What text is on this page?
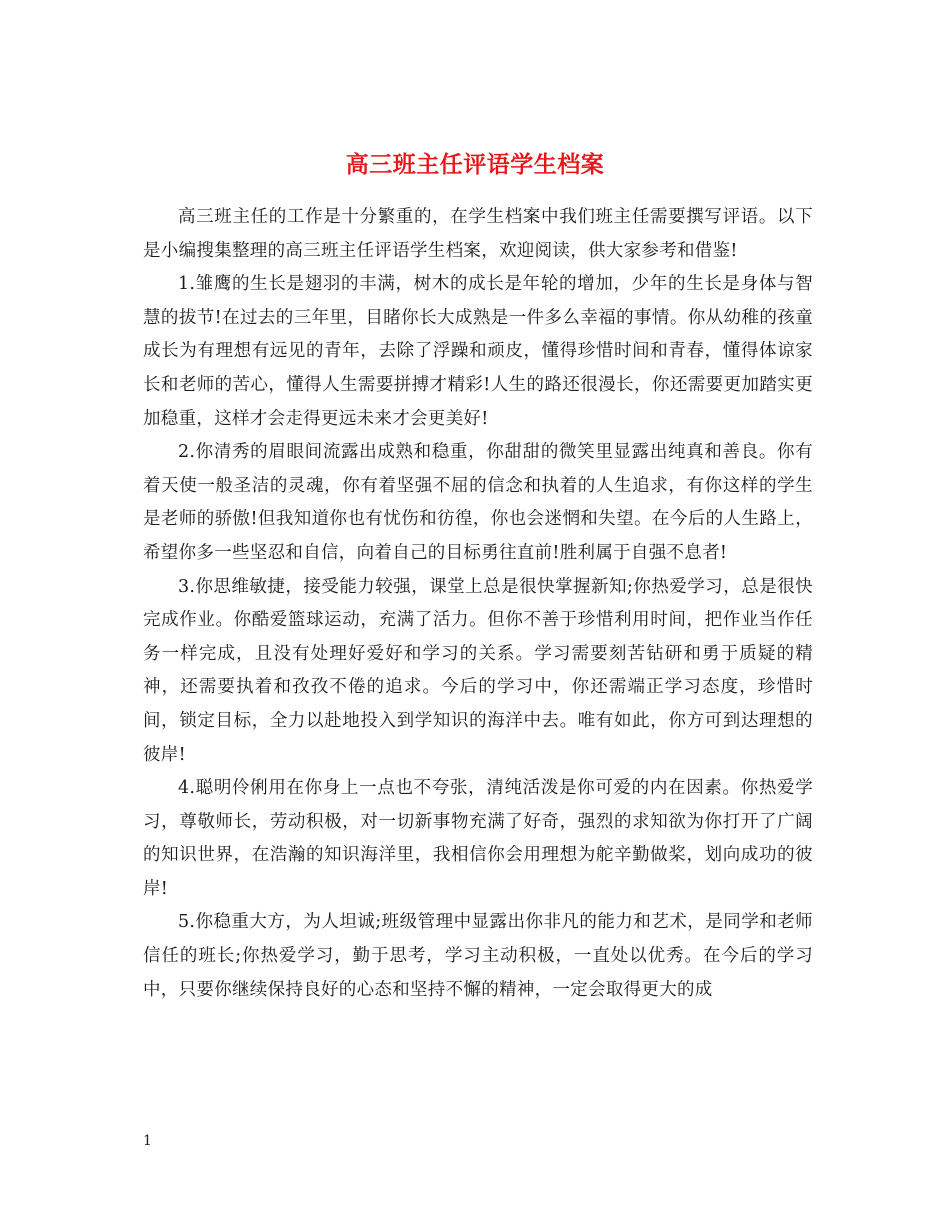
高三班主任评语学生档案

高三班主任的工作是十分繁重的，在学生档案中我们班主任需要撰写评语。以下是小编搜集整理的高三班主任评语学生档案，欢迎阅读，供大家参考和借鉴!

1.雏鹰的生长是翅羽的丰满，树木的成长是年轮的增加，少年的生长是身体与智慧的拔节!在过去的三年里，目睹你长大成熟是一件多么幸福的事情。你从幼稚的孩童成长为有理想有远见的青年，去除了浮躁和顽皮，懂得珍惜时间和青春，懂得体谅家长和老师的苦心，懂得人生需要拼搏才精彩!人生的路还很漫长，你还需要更加踏实更加稳重，这样才会走得更远未来才会更美好!

2.你清秀的眉眼间流露出成熟和稳重，你甜甜的微笑里显露出纯真和善良。你有着天使一般圣洁的灵魂，你有着坚强不屈的信念和执着的人生追求，有你这样的学生是老师的骄傲!但我知道你也有忧伤和彷徨，你也会迷惘和失望。在今后的人生路上，希望你多一些坚忍和自信，向着自己的目标勇往直前!胜利属于自强不息者!

3.你思维敏捷，接受能力较强，课堂上总是很快掌握新知;你热爱学习，总是很快完成作业。你酷爱篮球运动，充满了活力。但你不善于珍惜利用时间，把作业当作任务一样完成，且没有处理好爱好和学习的关系。学习需要刻苦钻研和勇于质疑的精神，还需要执着和孜孜不倦的追求。今后的学习中，你还需端正学习态度，珍惜时间，锁定目标，全力以赴地投入到学知识的海洋中去。唯有如此，你方可到达理想的彼岸!

4.聪明伶俐用在你身上一点也不夸张，清纯活泼是你可爱的内在因素。你热爱学习，尊敬师长，劳动积极，对一切新事物充满了好奇，强烈的求知欲为你打开了广阔的知识世界，在浩瀚的知识海洋里，我相信你会用理想为舵辛勤做桨，划向成功的彼岸!

5.你稳重大方，为人坦诚;班级管理中显露出你非凡的能力和艺术，是同学和老师信任的班长;你热爱学习，勤于思考，学习主动积极，一直处以优秀。在今后的学习中，只要你继续保持良好的心态和坚持不懈的精神，一定会取得更大的成

1
